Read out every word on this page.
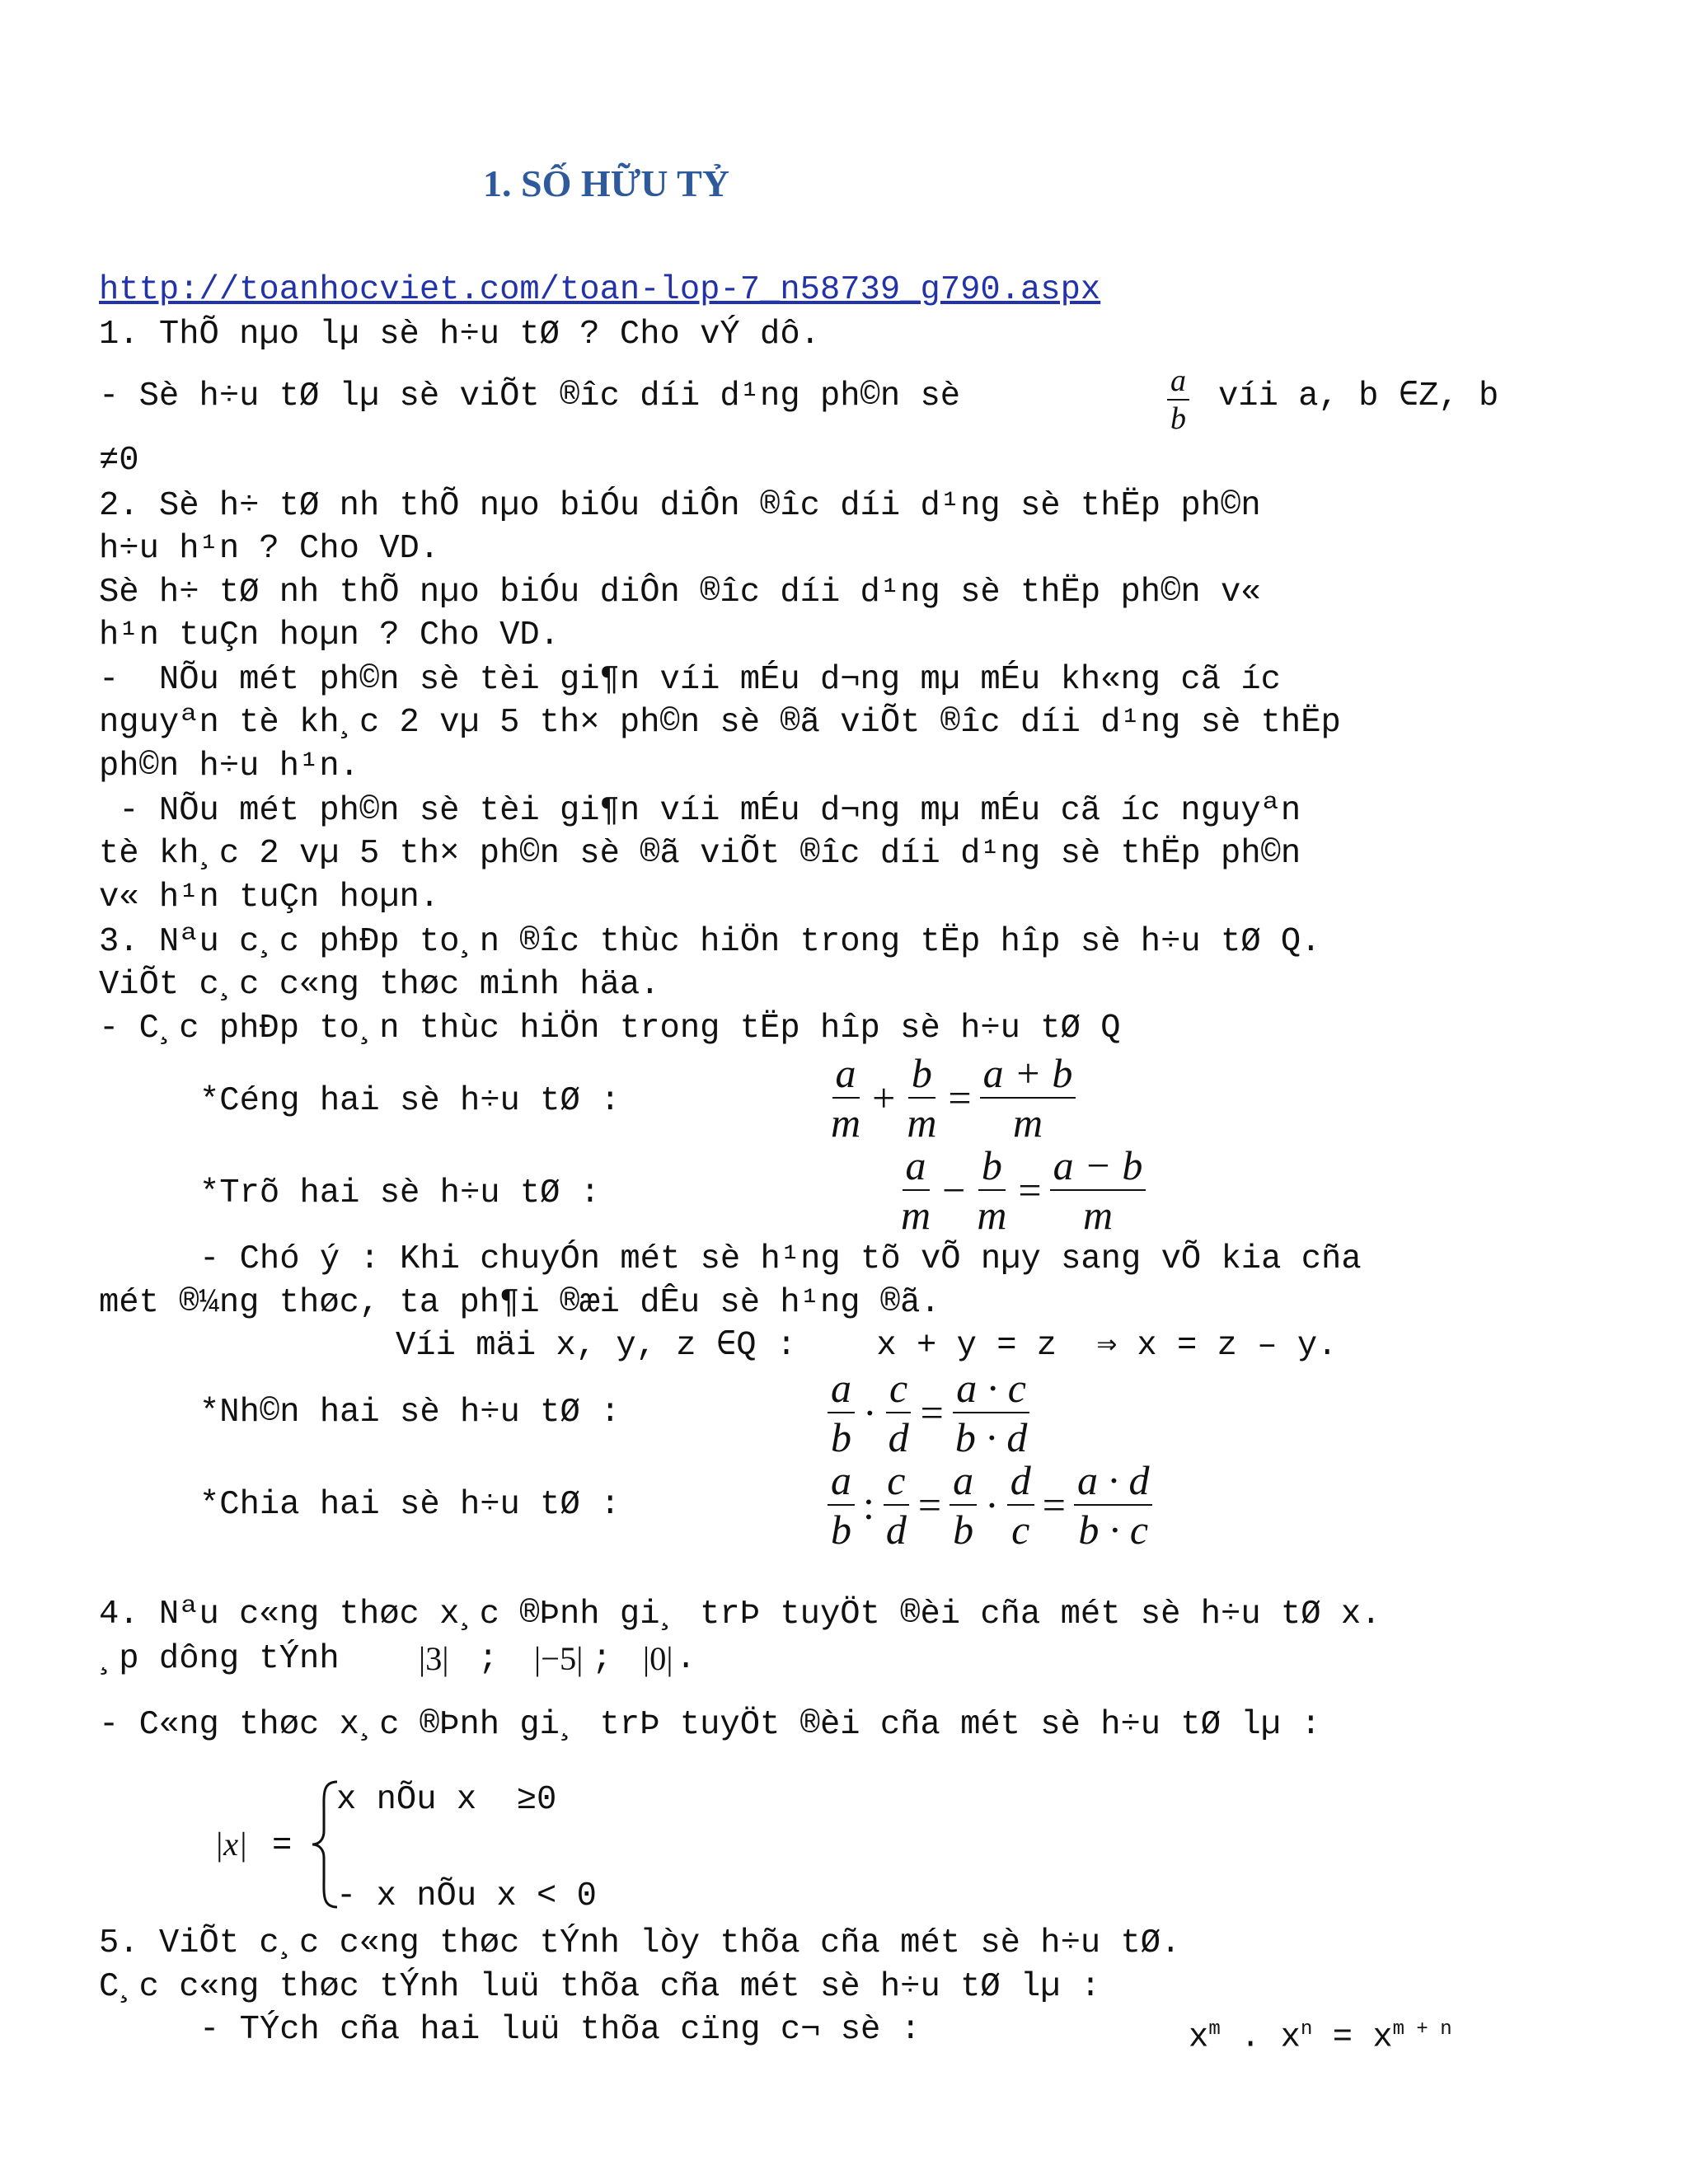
1. SỐ HỮU TỶ
http://toanhocviet.com/toan-lop-7_n58739_g790.aspx
1. ThÕ nµo lµ sè h÷u tØ ? Cho vÝ dô.
- Sè h÷u tØ lµ sè viÕt ®îc díi d¹ng ph©n sè	a
b
víi a, b ∈Z, b
≠0
2. Sè h÷ tØ nh thÕ nµo biÓu diÔn ®îc díi d¹ng sè thËp ph©n
h÷u h¹n ? Cho VD.
Sè h÷ tØ nh thÕ nµo biÓu diÔn ®îc díi d¹ng sè thËp ph©n v«
h¹n tuÇn hoµn ? Cho VD.
-  NÕu mét ph©n sè tèi gi¶n víi mÉu d¬ng mµ mÉu kh«ng cã íc
nguyªn tè kh¸c 2 vµ 5 th× ph©n sè ®ã viÕt ®îc díi d¹ng sè thËp
ph©n h÷u h¹n.
- NÕu mét ph©n sè tèi gi¶n víi mÉu d¬ng mµ mÉu cã íc nguyªn
tè kh¸c 2 vµ 5 th× ph©n sè ®ã viÕt ®îc díi d¹ng sè thËp ph©n
v« h¹n tuÇn hoµn.
3. Nªu c¸c phÐp to¸n ®îc thùc hiÖn trong tËp hîp sè h÷u tØ Q.
ViÕt c¸c c«ng thøc minh häa.
- C¸c phÐp to¸n thùc hiÖn trong tËp hîp sè h÷u tØ Q
*Céng hai sè h÷u tØ :
a
m
+ $\frac{b}{m} = \frac{a + b}{m}$
*Trõ hai sè h÷u tØ :
a
m
− $\frac{b}{m} = \frac{a - b}{m}$
- Chó ý : Khi chuyÓn mét sè h¹ng tõ vÕ nµy sang vÕ kia cña
mét ®¼ng thøc, ta ph¶i ®æi dÊu sè h¹ng ®ã.
Víi mäi x, y, z ∈Q :    x + y = z  ⇒ x = z – y.
*Nh©n hai sè h÷u tØ :
a
b
· $\frac{c}{d} = \frac{a \cdot c}{b \cdot d}$
*Chia hai sè h÷u tØ :
a
b
: $\frac{c}{d} = \frac{a}{b} \cdot \frac{d}{c} = \frac{a \cdot d}{b \cdot c}$
4. Nªu c«ng thøc x¸c ®Þnh gi¸ trÞ tuyÖt ®èi cña mét sè h÷u tØ x.
¸p dông tÝnh |3| ; |−5| ; |0| .
- C«ng thøc x¸c ®Þnh gi¸ trÞ tuyÖt ®èi cña mét sè h÷u tØ lµ :
x nÕu x  ≥0
|x| =
- x nÕu x < 0
5. ViÕt c¸c c«ng thøc tÝnh lòy thõa cña mét sè h÷u tØ.
C¸c c«ng thøc tÝnh luü thõa cña mét sè h÷u tØ lµ :
- TÝch cña hai luü thõa cïng c¬ sè :	$x^m$ . $x^n = x^{m + n}$
